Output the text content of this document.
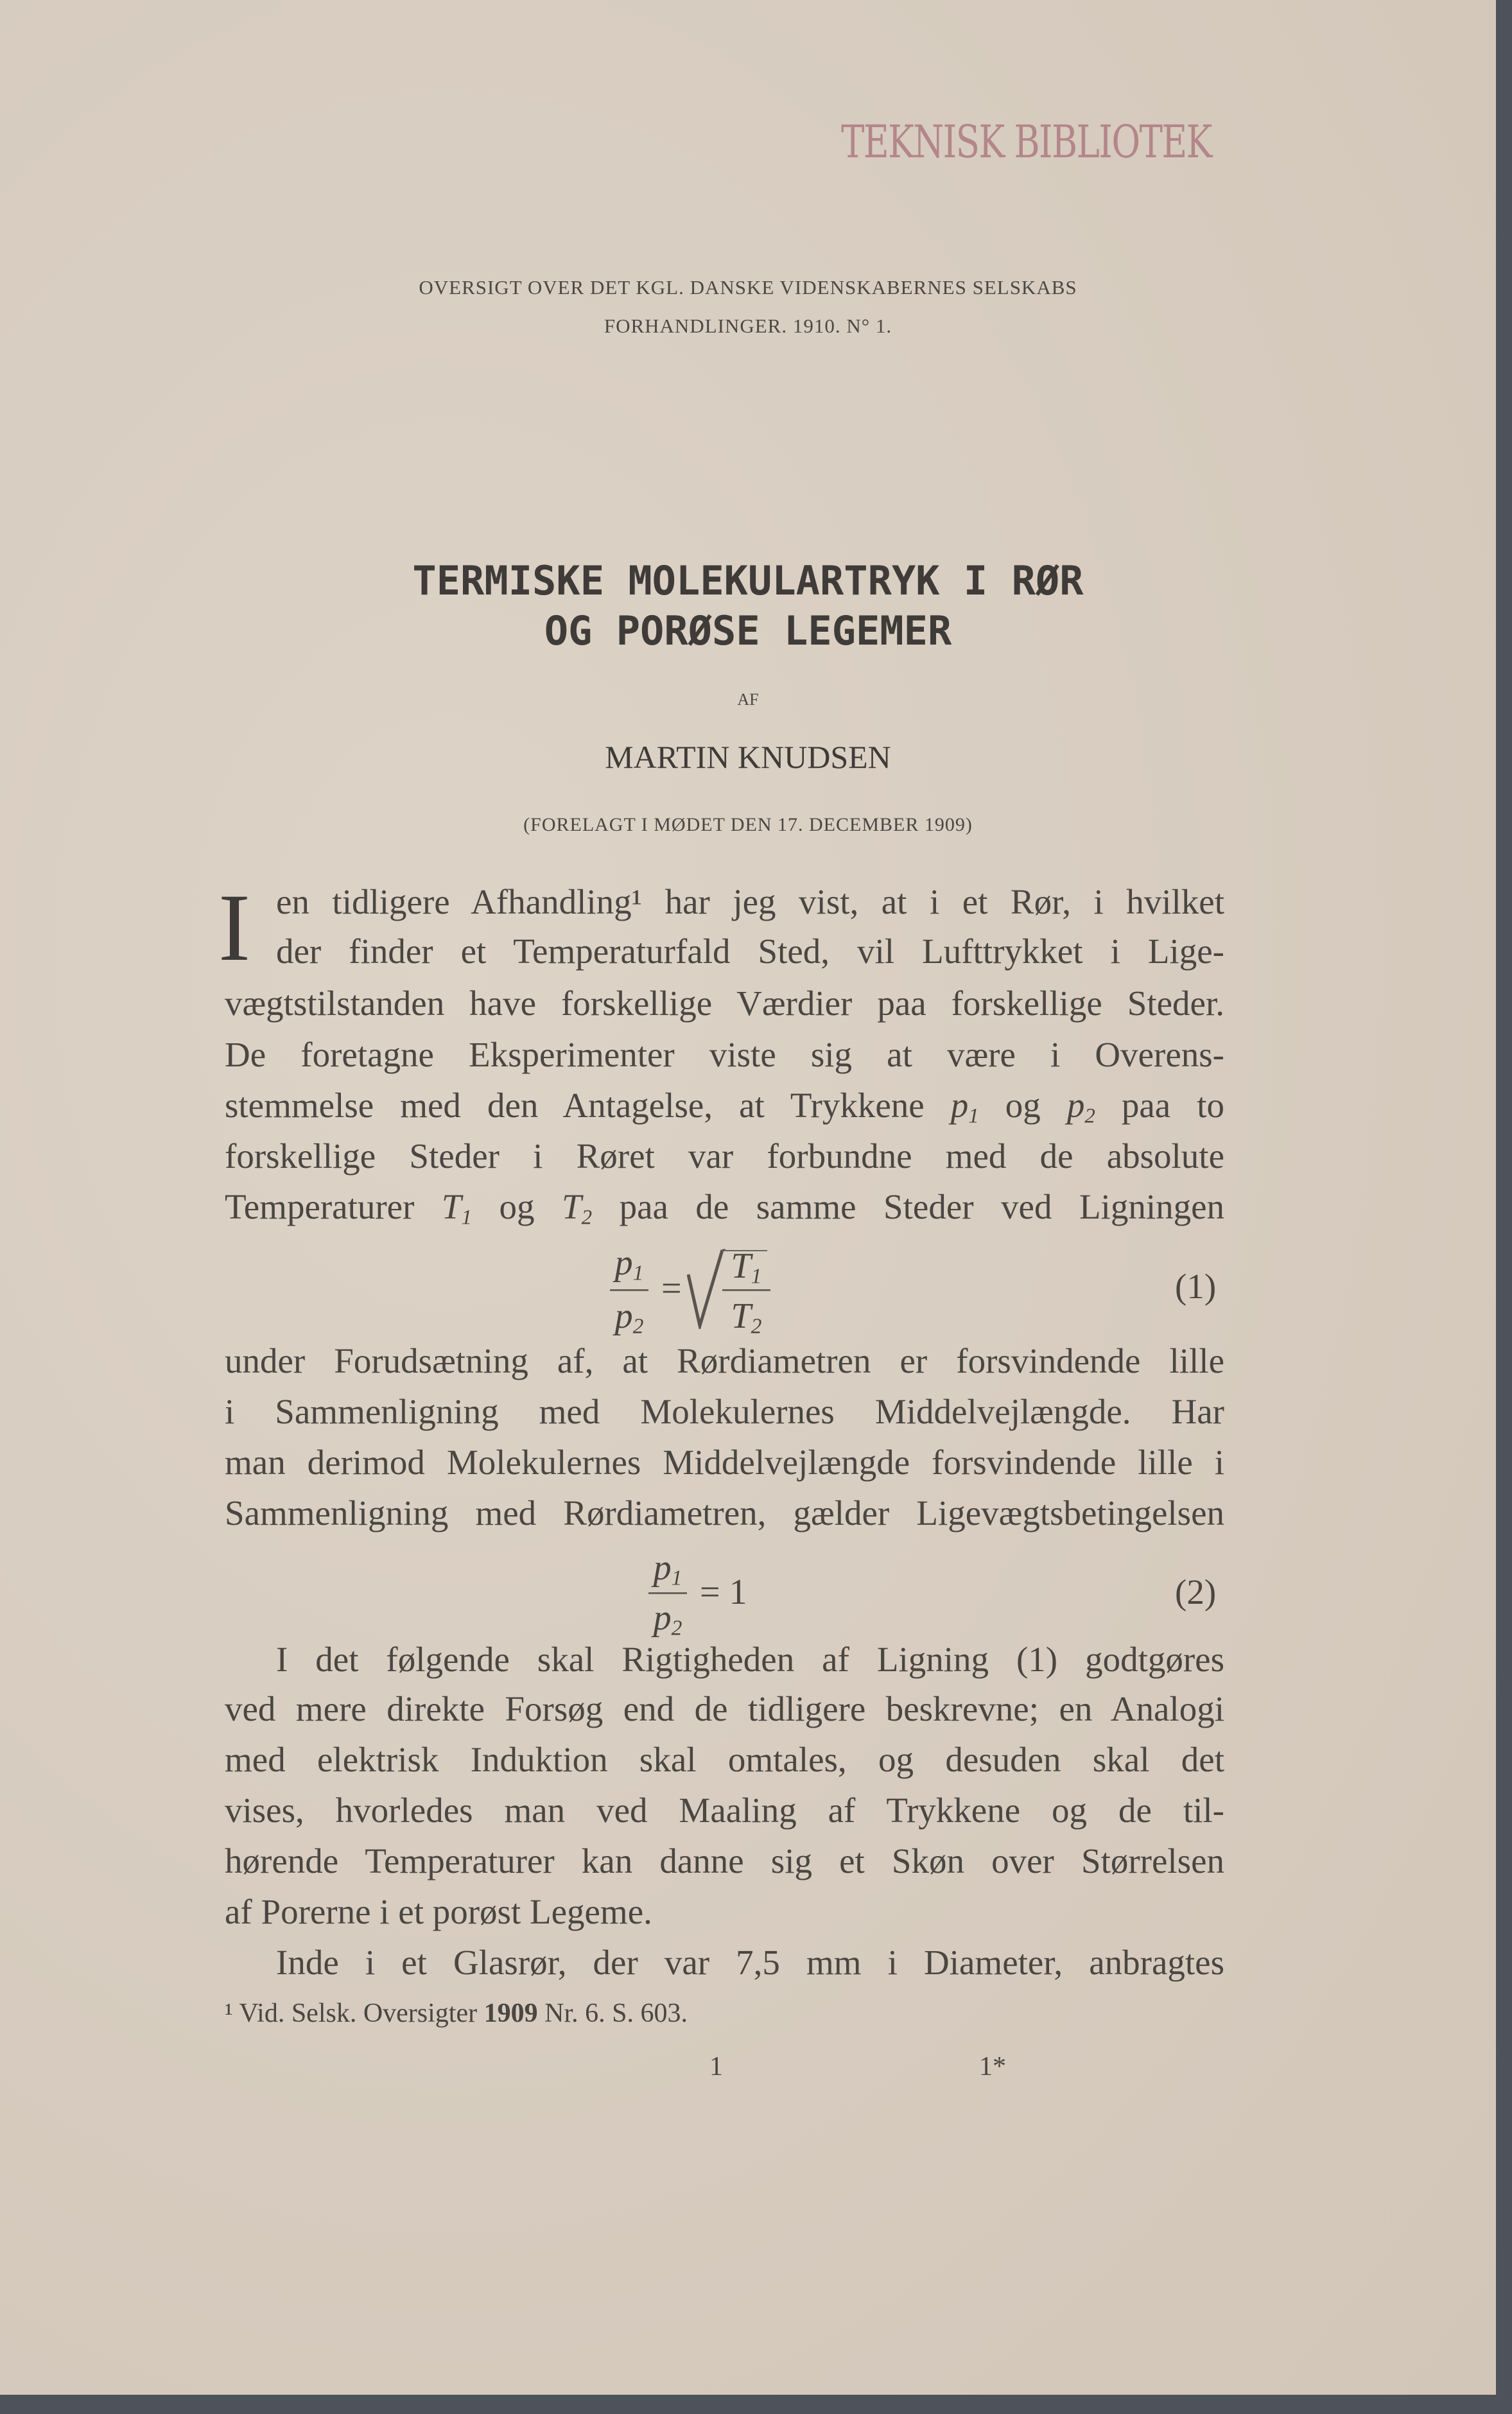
TEKNISK BIBLIOTEK
OVERSIGT OVER DET KGL. DANSKE VIDENSKABERNES SELSKABS
FORHANDLINGER. 1910. N° 1.
TERMISKE MOLEKULARTRYK I RØR
OG PORØSE LEGEMER
AF
MARTIN KNUDSEN
(FORELAGT I MØDET DEN 17. DECEMBER 1909)
I en tidligere Afhandling¹ har jeg vist, at i et Rør, i hvilket
der finder et Temperaturfald Sted, vil Lufttrykket i Lige-
vægtstilstanden have forskellige Værdier paa forskellige Steder.
De foretagne Eksperimenter viste sig at være i Overens-
stemmelse med den Antagelse, at Trykkene $p_1$ og $p_2$ paa to
forskellige Steder i Røret var forbundne med de absolute
Temperaturer $T_1$ og $T_2$ paa de samme Steder ved Ligningen
$p_1$
$p_2$
=
$T_1$
$T_2$
(1)
under Forudsætning af, at Rørdiametren er forsvindende lille
i Sammenligning med Molekulernes Middelvejlængde. Har
man derimod Molekulernes Middelvejlængde forsvindende lille i
Sammenligning med Rørdiametren, gælder Ligevægtsbetingelsen
$p_1$
$p_2$
= 1	(2)
I det følgende skal Rigtigheden af Ligning (1) godtgøres
ved mere direkte Forsøg end de tidligere beskrevne; en Analogi
med elektrisk Induktion skal omtales, og desuden skal det
vises, hvorledes man ved Maaling af Trykkene og de til-
hørende Temperaturer kan danne sig et Skøn over Størrelsen
af Porerne i et porøst Legeme.
Inde i et Glasrør, der var 7,5 mm i Diameter, anbragtes
¹ Vid. Selsk. Oversigter 1909 Nr. 6. S. 603.
1	1*
